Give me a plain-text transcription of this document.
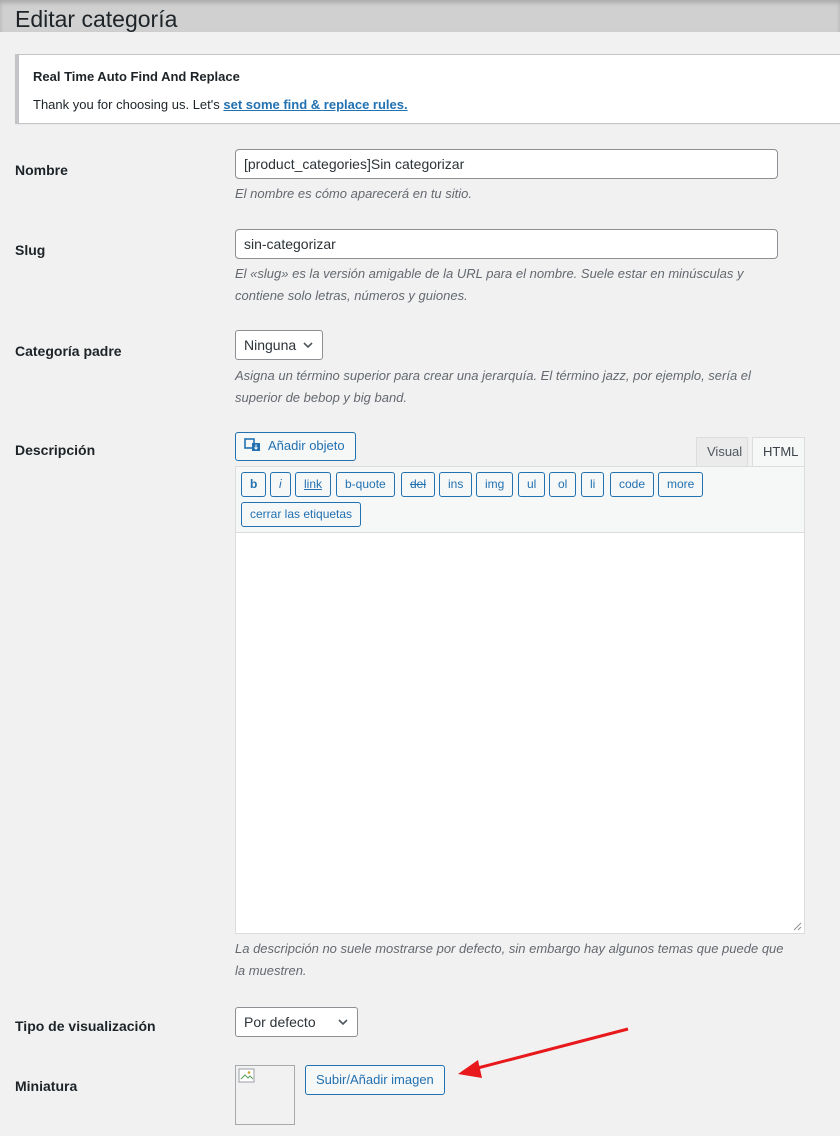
Editar categoría
Real Time Auto Find And Replace
Thank you for choosing us. Let's set some find & replace rules.
Nombre	[product_categories]Sin categorizar
El nombre es cómo aparecerá en tu sitio.
Slug	sin-categorizar
El «slug» es la versión amigable de la URL para el nombre. Suele estar en minúsculas y contiene solo letras, números y guiones.
Categoría padre	Ninguna
Asigna un término superior para crear una jerarquía. El término jazz, por ejemplo, sería el superior de bebop y big band.
Descripción	Añadir objeto	Visual	HTML
b	i	link	b-quote	del	ins	img	ul	ol	li	code	more
cerrar las etiquetas
La descripción no suele mostrarse por defecto, sin embargo hay algunos temas que puede que la muestren.
Tipo de visualización	Por defecto
Miniatura	Subir/Añadir imagen
